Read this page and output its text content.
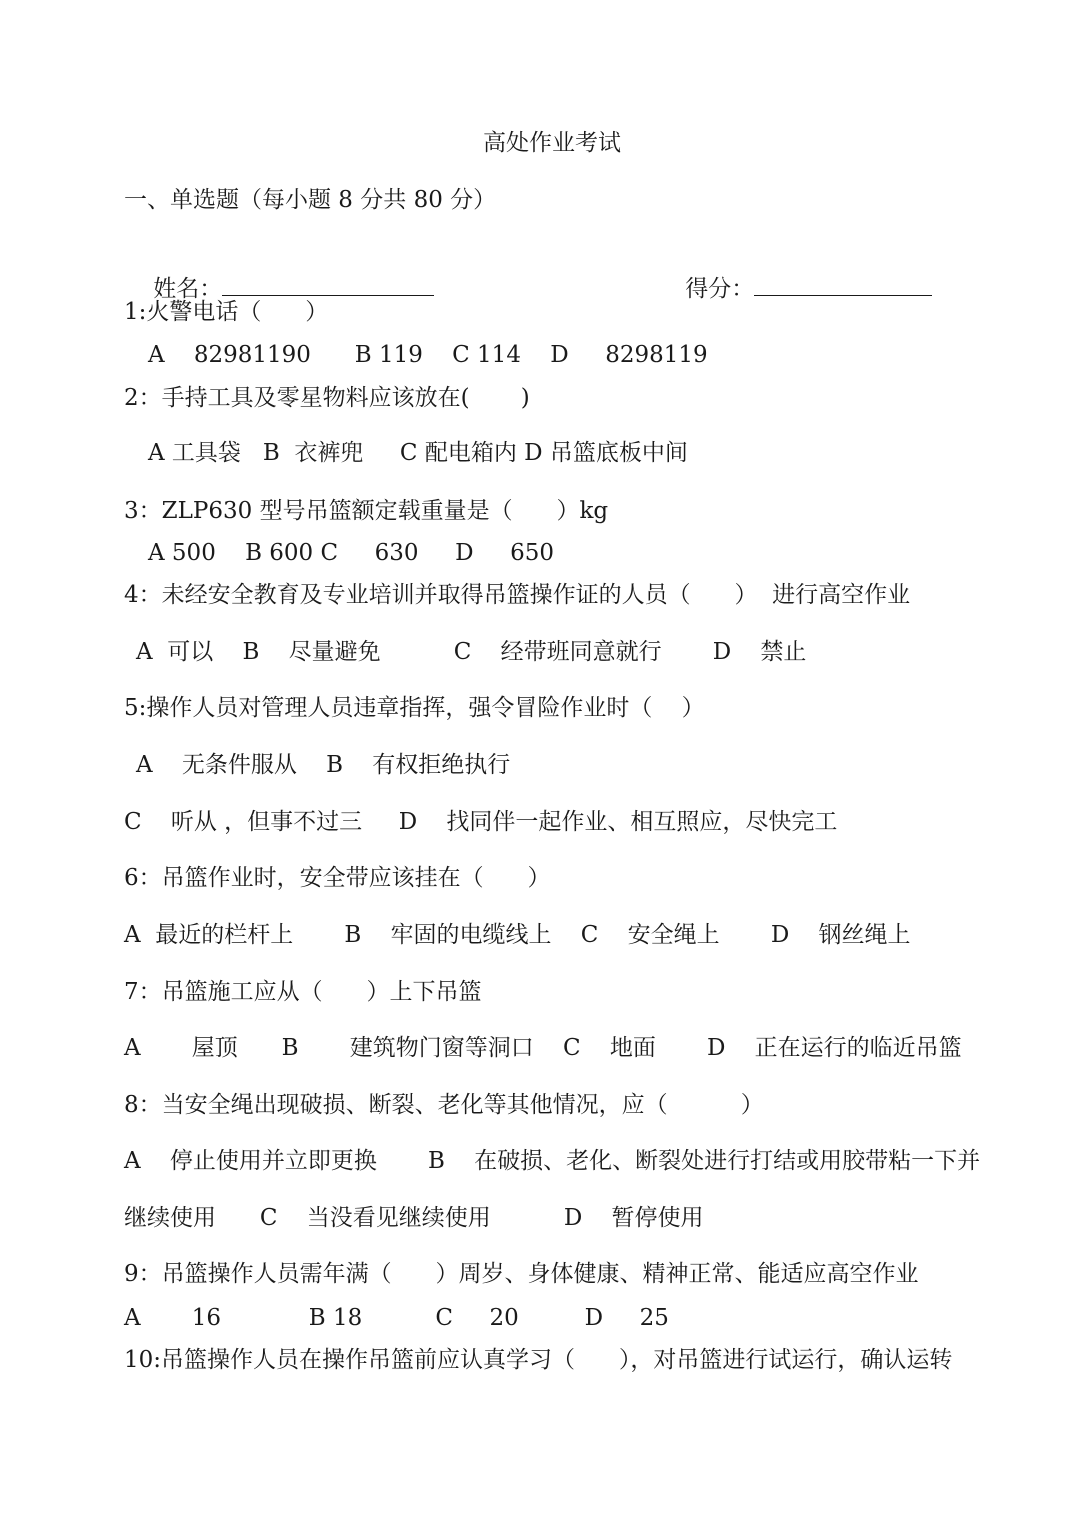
高处作业考试
一、单选题（每小题 8 分共 80 分）

姓名：
	得分：

1:火警电话（      ）
A    82981190      B 119    C 114    D     8298119
2：手持工具及零星物料应该放在(       )
A 工具袋   B  衣裤兜     C 配电箱内 D 吊篮底板中间
3：ZLP630 型号吊篮额定载重量是（      ）kg
A 500    B 600 C     630     D     650
4：未经安全教育及专业培训并取得吊篮操作证的人员（      ）  进行高空作业
A  可以    B    尽量避免          C    经带班同意就行       D    禁止
5:操作人员对管理人员违章指挥，强令冒险作业时（    ）
A    无条件服从    B    有权拒绝执行
C    听从 ，但事不过三     D    找同伴一起作业、相互照应，尽快完工
6：吊篮作业时，安全带应该挂在（      ）
A  最近的栏杆上       B    牢固的电缆线上    C    安全绳上       D    钢丝绳上
7：吊篮施工应从（      ）上下吊篮
A       屋顶      B       建筑物门窗等洞口    C    地面       D    正在运行的临近吊篮
8：当安全绳出现破损、断裂、老化等其他情况，应（          ）
A    停止使用并立即更换       B    在破损、老化、断裂处进行打结或用胶带粘一下并
继续使用      C    当没看见继续使用          D    暂停使用
9：吊篮操作人员需年满（      ）周岁、身体健康、精神正常、能适应高空作业
A       16            B 18          C     20         D     25
10:吊篮操作人员在操作吊篮前应认真学习（      ），对吊篮进行试运行，确认运转
